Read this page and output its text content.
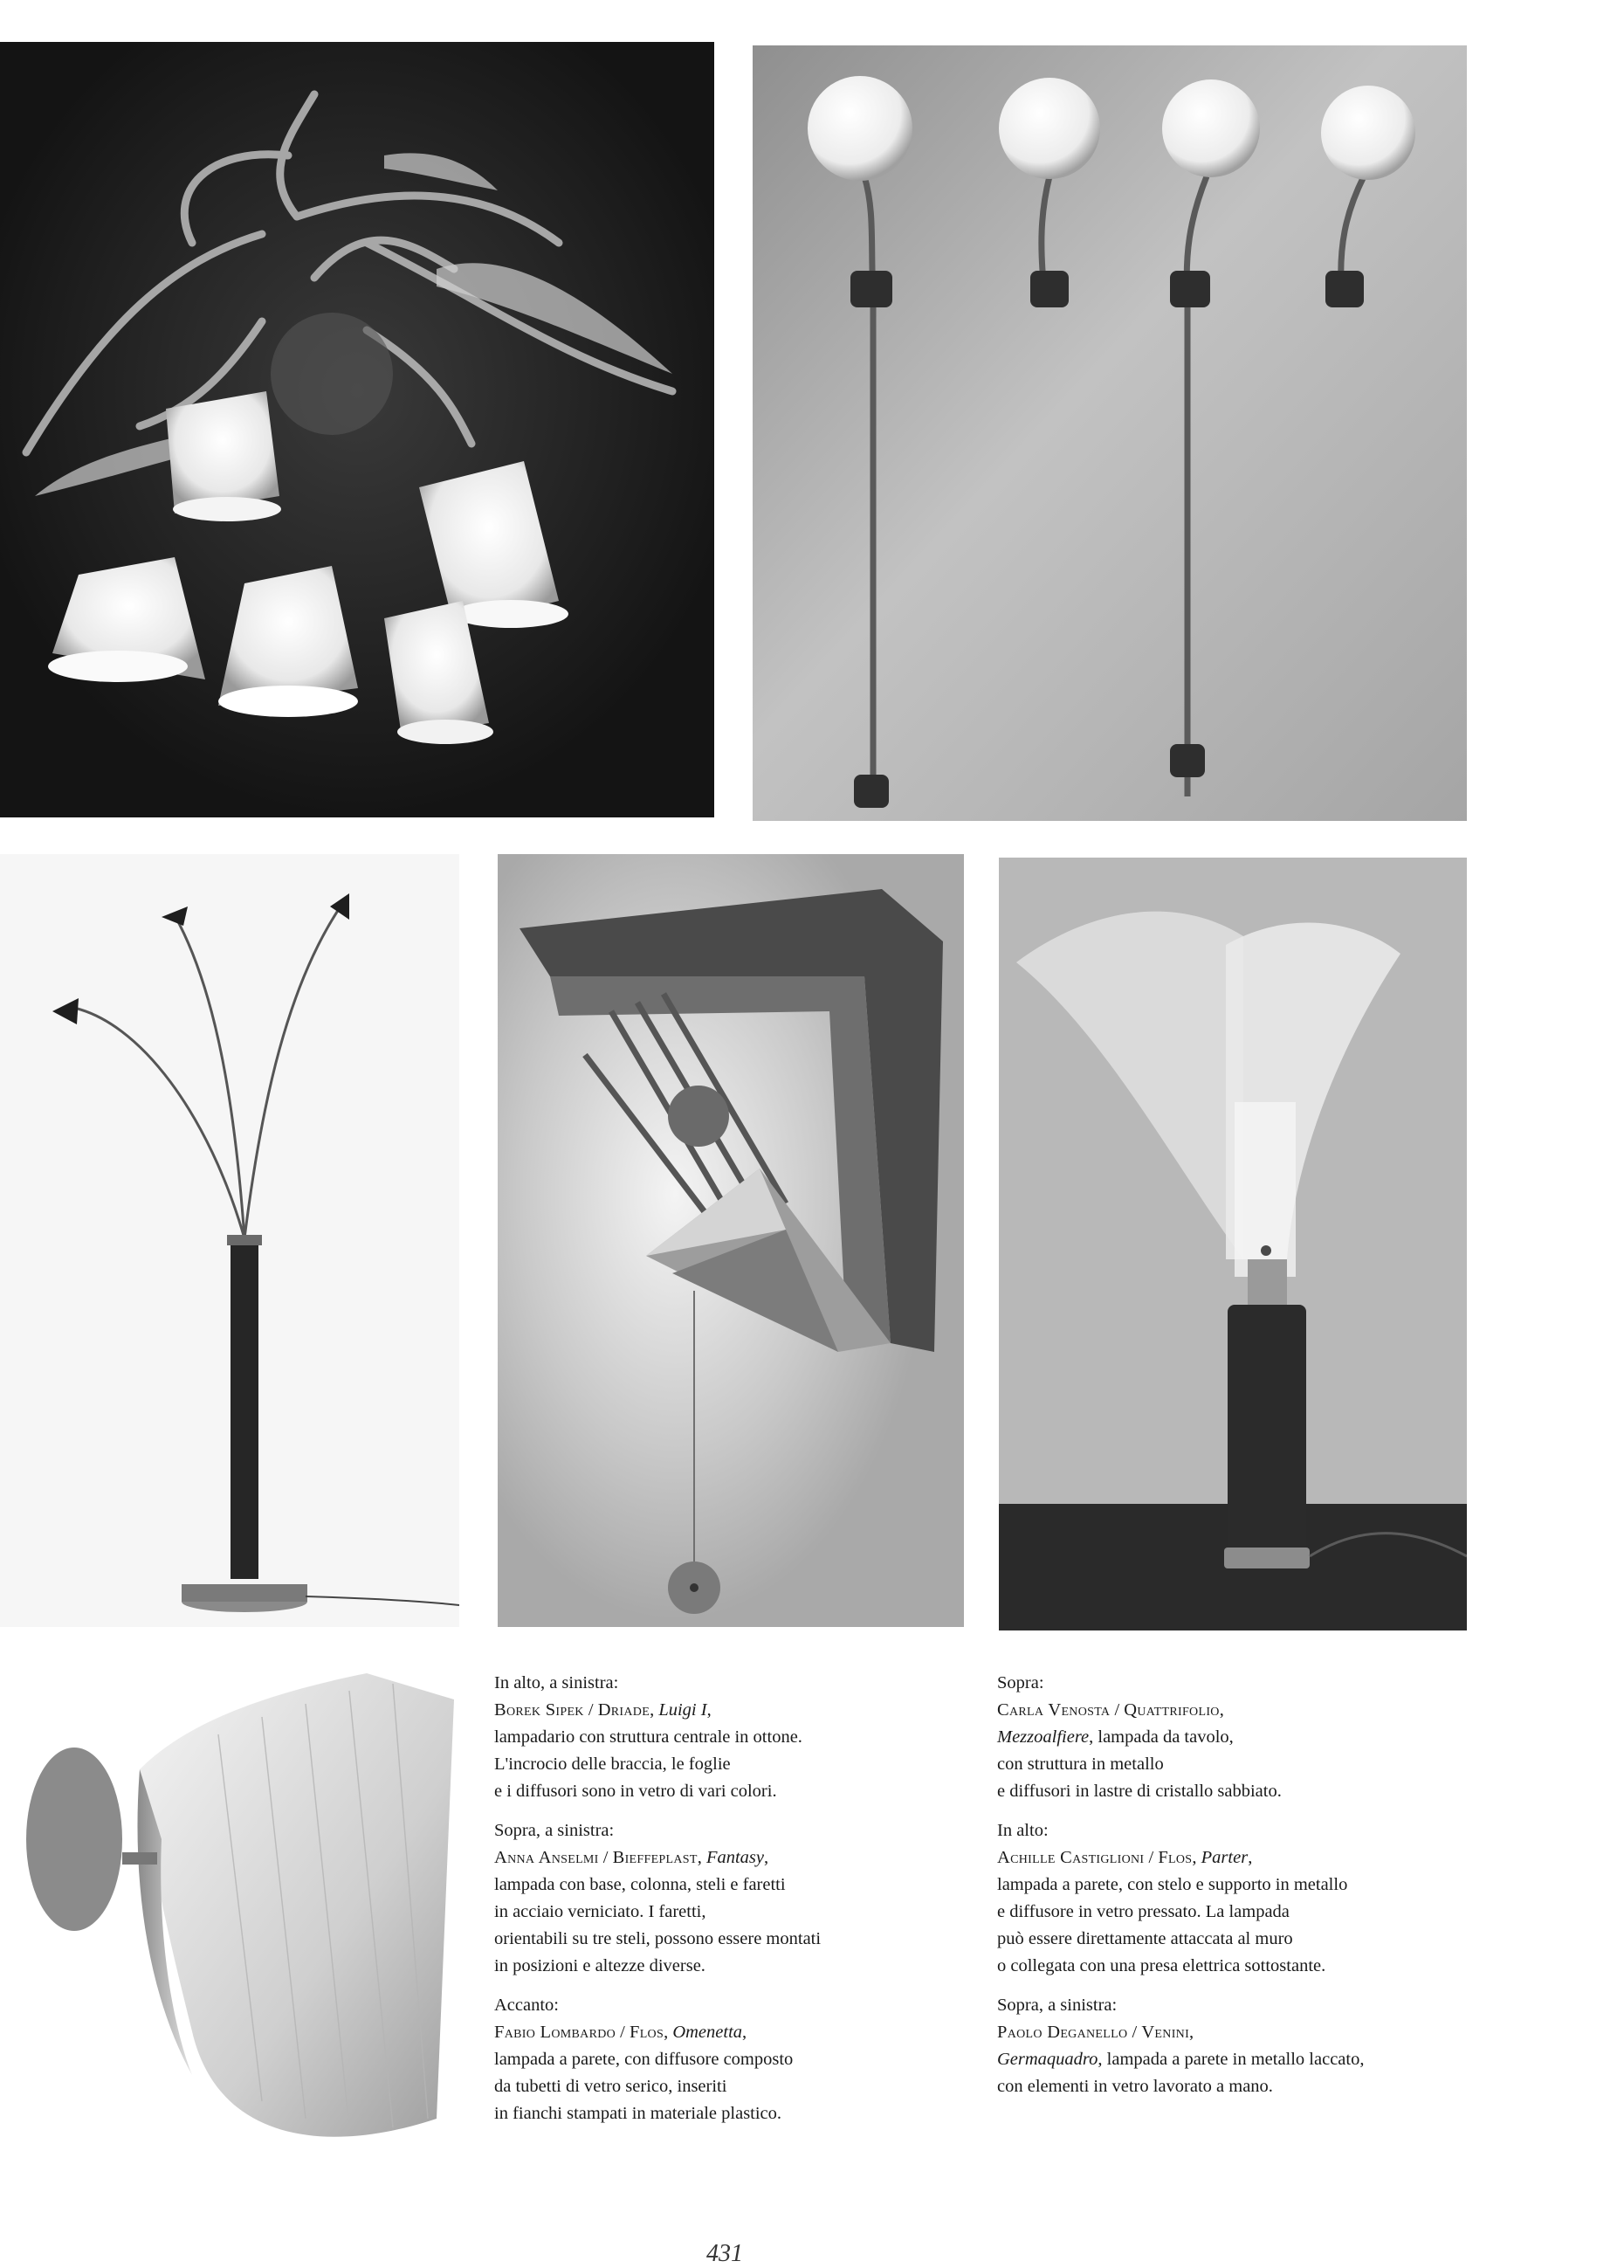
In alto, a sinistra:
Borek Sipek / Driade, Luigi I,
lampadario con struttura centrale in ottone.
L'incrocio delle braccia, le foglie
e i diffusori sono in vetro di vari colori.
Sopra, a sinistra:
Anna Anselmi / Bieffeplast, Fantasy,
lampada con base, colonna, steli e faretti
in acciaio verniciato. I faretti,
orientabili su tre steli, possono essere montati
in posizioni e altezze diverse.
Accanto:
Fabio Lombardo / Flos, Omenetta,
lampada a parete, con diffusore composto
da tubetti di vetro serico, inseriti
in fianchi stampati in materiale plastico.
Sopra:
Carla Venosta / Quattrifolio,
Mezzoalfiere, lampada da tavolo,
con struttura in metallo
e diffusori in lastre di cristallo sabbiato.
In alto:
Achille Castiglioni / Flos, Parter,
lampada a parete, con stelo e supporto in metallo
e diffusore in vetro pressato. La lampada
può essere direttamente attaccata al muro
o collegata con una presa elettrica sottostante.
Sopra, a sinistra:
Paolo Deganello / Venini,
Germaquadro, lampada a parete in metallo laccato,
con elementi in vetro lavorato a mano.
431
